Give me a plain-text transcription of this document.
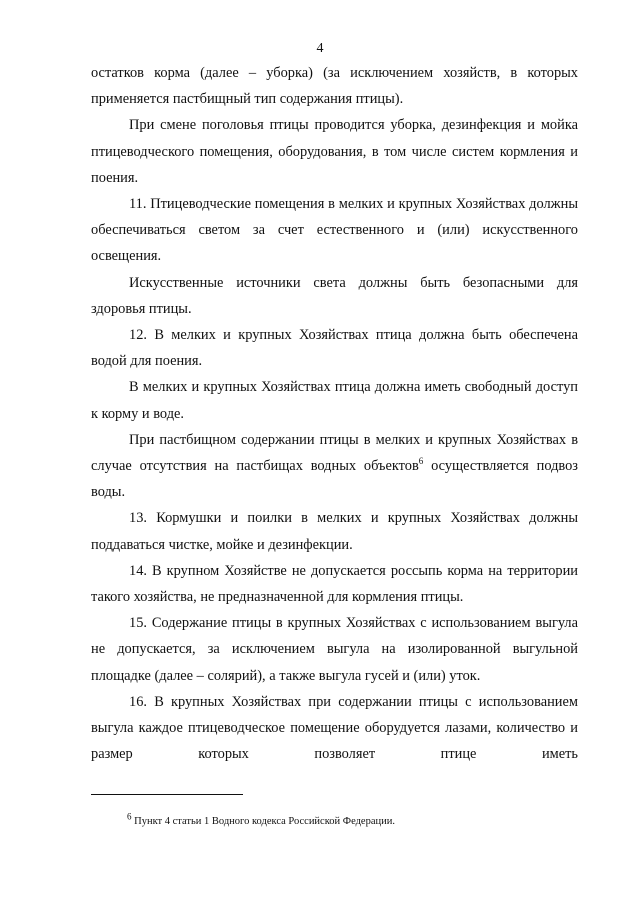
4

остатков корма (далее – уборка) (за исключением хозяйств, в которых применяется пастбищный тип содержания птицы).

При смене поголовья птицы проводится уборка, дезинфекция и мойка птицеводческого помещения, оборудования, в том числе систем кормления и поения.

11. Птицеводческие помещения в мелких и крупных Хозяйствах должны обеспечиваться светом за счет естественного и (или) искусственного освещения.

Искусственные источники света должны быть безопасными для здоровья птицы.

12. В мелких и крупных Хозяйствах птица должна быть обеспечена водой для поения.

В мелких и крупных Хозяйствах птица должна иметь свободный доступ к корму и воде.

При пастбищном содержании птицы в мелких и крупных Хозяйствах в случае отсутствия на пастбищах водных объектов$^6$ осуществляется подвоз воды.

13. Кормушки и поилки в мелких и крупных Хозяйствах должны поддаваться чистке, мойке и дезинфекции.

14. В крупном Хозяйстве не допускается россыпь корма на территории такого хозяйства, не предназначенной для кормления птицы.

15. Содержание птицы в крупных Хозяйствах с использованием выгула не допускается, за исключением выгула на изолированной выгульной площадке (далее – солярий), а также выгула гусей и (или) уток.

16. В крупных Хозяйствах при содержании птицы с использованием выгула каждое птицеводческое помещение оборудуется лазами, количество и размер которых позволяет птице иметь

$^6$ Пункт 4 статьи 1 Водного кодекса Российской Федерации.
